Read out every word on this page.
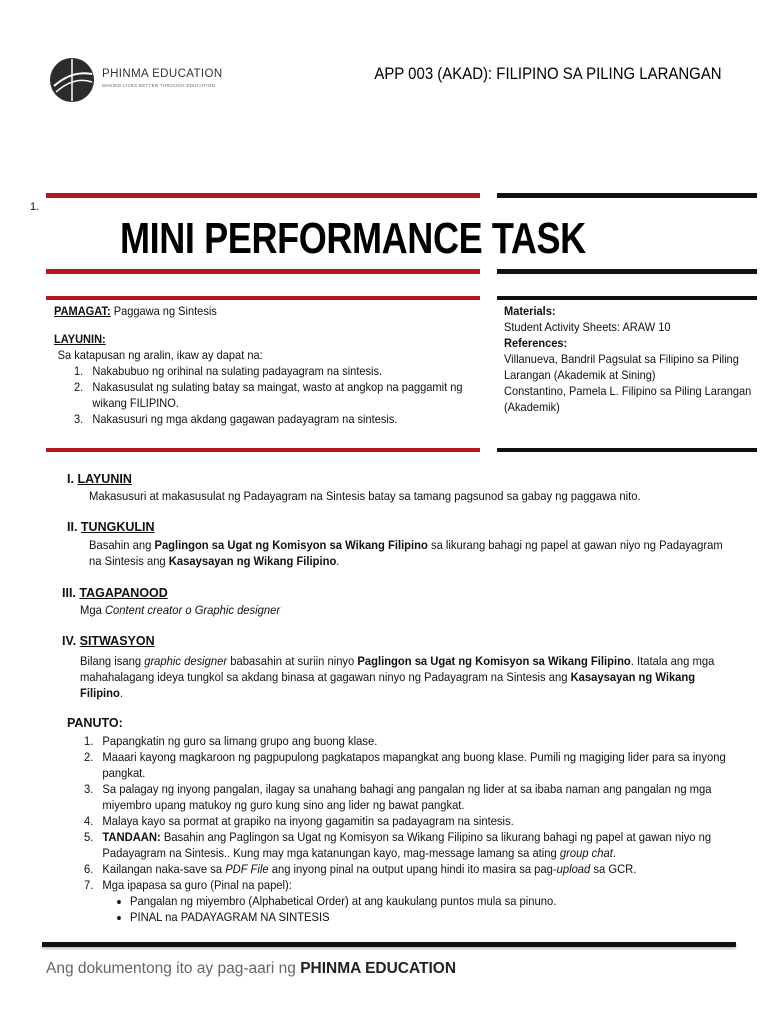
PHINMA EDUCATION
MAKING LIVES BETTER THROUGH EDUCATION
APP 003 (AKAD): FILIPINO SA PILING LARANGAN
1.
MINI PERFORMANCE TASK
PAMAGAT: Paggawa ng Sintesis
LAYUNIN:
Sa katapusan ng aralin, ikaw ay dapat na:
1. Nakabubuo ng orihinal na sulating padayagram na sintesis.
2. Nakasusulat ng sulating batay sa maingat, wasto at angkop na paggamit ng wikang FILIPINO.
3. Nakasusuri ng mga akdang gagawan padayagram na sintesis.
Materials:
Student Activity Sheets: ARAW 10
References:
Villanueva, Bandril Pagsulat sa Filipino sa Piling Larangan (Akademik at Sining)
Constantino, Pamela L. Filipino sa Piling Larangan (Akademik)
I. LAYUNIN
Makasusuri at makasusulat ng Padayagram na Sintesis batay sa tamang pagsunod sa gabay ng paggawa nito.
II. TUNGKULIN
Basahin ang Paglingon sa Ugat ng Komisyon sa Wikang Filipino sa likurang bahagi ng papel at gawan niyo ng Padayagram na Sintesis ang Kasaysayan ng Wikang Filipino.
III. TAGAPANOOD
Mga Content creator o Graphic designer
IV. SITWASYON
Bilang isang graphic designer babasahin at suriin ninyo Paglingon sa Ugat ng Komisyon sa Wikang Filipino. Itatala ang mga mahahalagang ideya tungkol sa akdang binasa at gagawan ninyo ng Padayagram na Sintesis ang Kasaysayan ng Wikang Filipino.
PANUTO:
1. Papangkatin ng guro sa limang grupo ang buong klase.
2. Maaari kayong magkaroon ng pagpupulong pagkatapos mapangkat ang buong klase. Pumili ng magiging lider para sa inyong pangkat.
3. Sa palagay ng inyong pangalan, ilagay sa unahang bahagi ang pangalan ng lider at sa ibaba naman ang pangalan ng mga miyembro upang matukoy ng guro kung sino ang lider ng bawat pangkat.
4. Malaya kayo sa pormat at grapiko na inyong gagamitin sa padayagram na sintesis.
5. TANDAAN: Basahin ang Paglingon sa Ugat ng Komisyon sa Wikang Filipino sa likurang bahagi ng papel at gawan niyo ng Padayagram na Sintesis.. Kung may mga katanungan kayo, mag-message lamang sa ating group chat.
6. Kailangan naka-save sa PDF File ang inyong pinal na output upang hindi ito masira sa pag-upload sa GCR.
7. Mga ipapasa sa guro (Pinal na papel):
• Pangalan ng miyembro (Alphabetical Order) at ang kaukulang puntos mula sa pinuno.
• PINAL na PADAYAGRAM NA SINTESIS
Ang dokumentong ito ay pag-aari ng PHINMA EDUCATION
